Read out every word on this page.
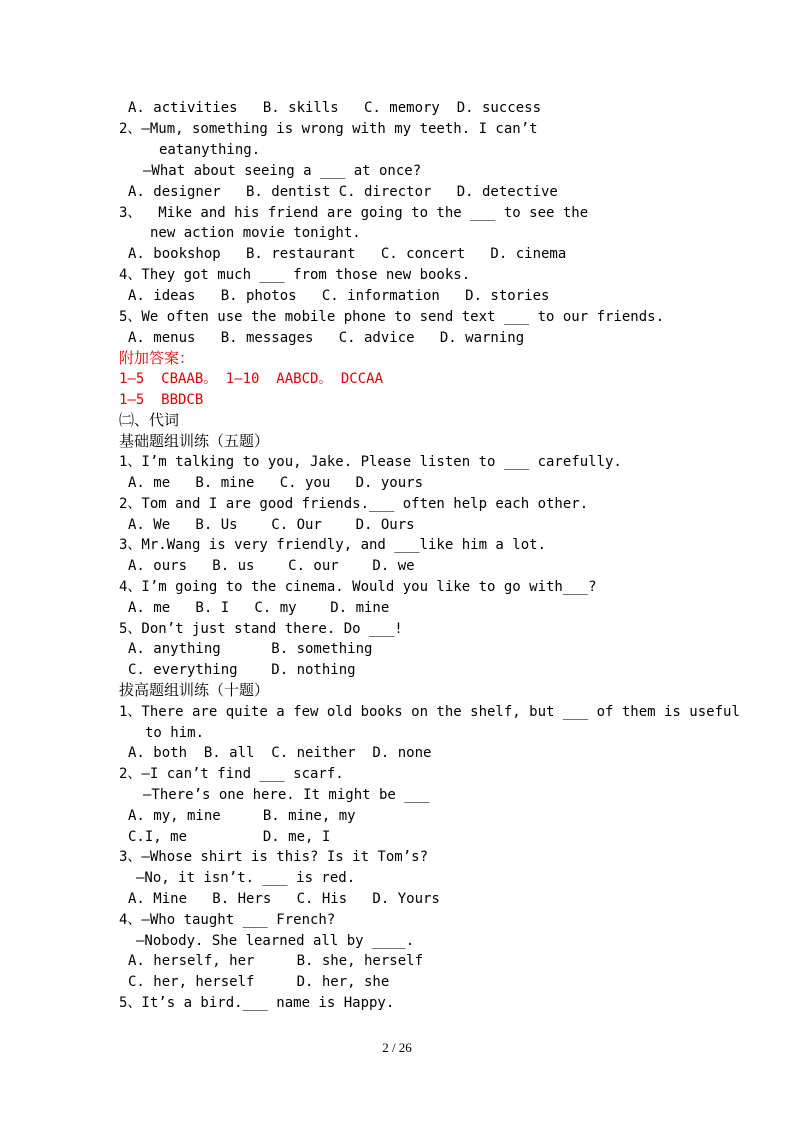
A. activities   B. skills   C. memory  D. success
2、—Mum, something is wrong with my teeth. I can’t
eatanything.
—What about seeing a ___ at once?
A. designer   B. dentist C. director   D. detective
3、  Mike and his friend are going to the ___ to see the
new action movie tonight.
A. bookshop   B. restaurant   C. concert   D. cinema
4、They got much ___ from those new books.
A. ideas   B. photos   C. information   D. stories
5、We often use the mobile phone to send text ___ to our friends.
A. menus   B. messages   C. advice   D. warning
附加答案：
1—5  CBAAB。 1—10  AABCD。 DCCAA
1—5  BBDCB
㈡、代词
基础题组训练（五题）
1、I’m talking to you, Jake. Please listen to ___ carefully.
A. me   B. mine   C. you   D. yours
2、Tom and I are good friends.___ often help each other.
A. We   B. Us    C. Our    D. Ours
3、Mr.Wang is very friendly, and ___like him a lot.
A. ours   B. us    C. our    D. we
4、I’m going to the cinema. Would you like to go with___?
A. me   B. I   C. my    D. mine
5、Don’t just stand there. Do ___!
A. anything      B. something
C. everything    D. nothing
拔高题组训练（十题）
1、There are quite a few old books on the shelf, but ___ of them is useful
to him.
A. both  B. all  C. neither  D. none
2、—I can’t find ___ scarf.
—There’s one here. It might be ___
A. my, mine     B. mine, my
C.I, me         D. me, I
3、—Whose shirt is this? Is it Tom’s?
—No, it isn’t. ___ is red.
A. Mine   B. Hers   C. His   D. Yours
4、—Who taught ___ French?
—Nobody. She learned all by ____.
A. herself, her     B. she, herself
C. her, herself     D. her, she
5、It’s a bird.___ name is Happy.
2 / 26
